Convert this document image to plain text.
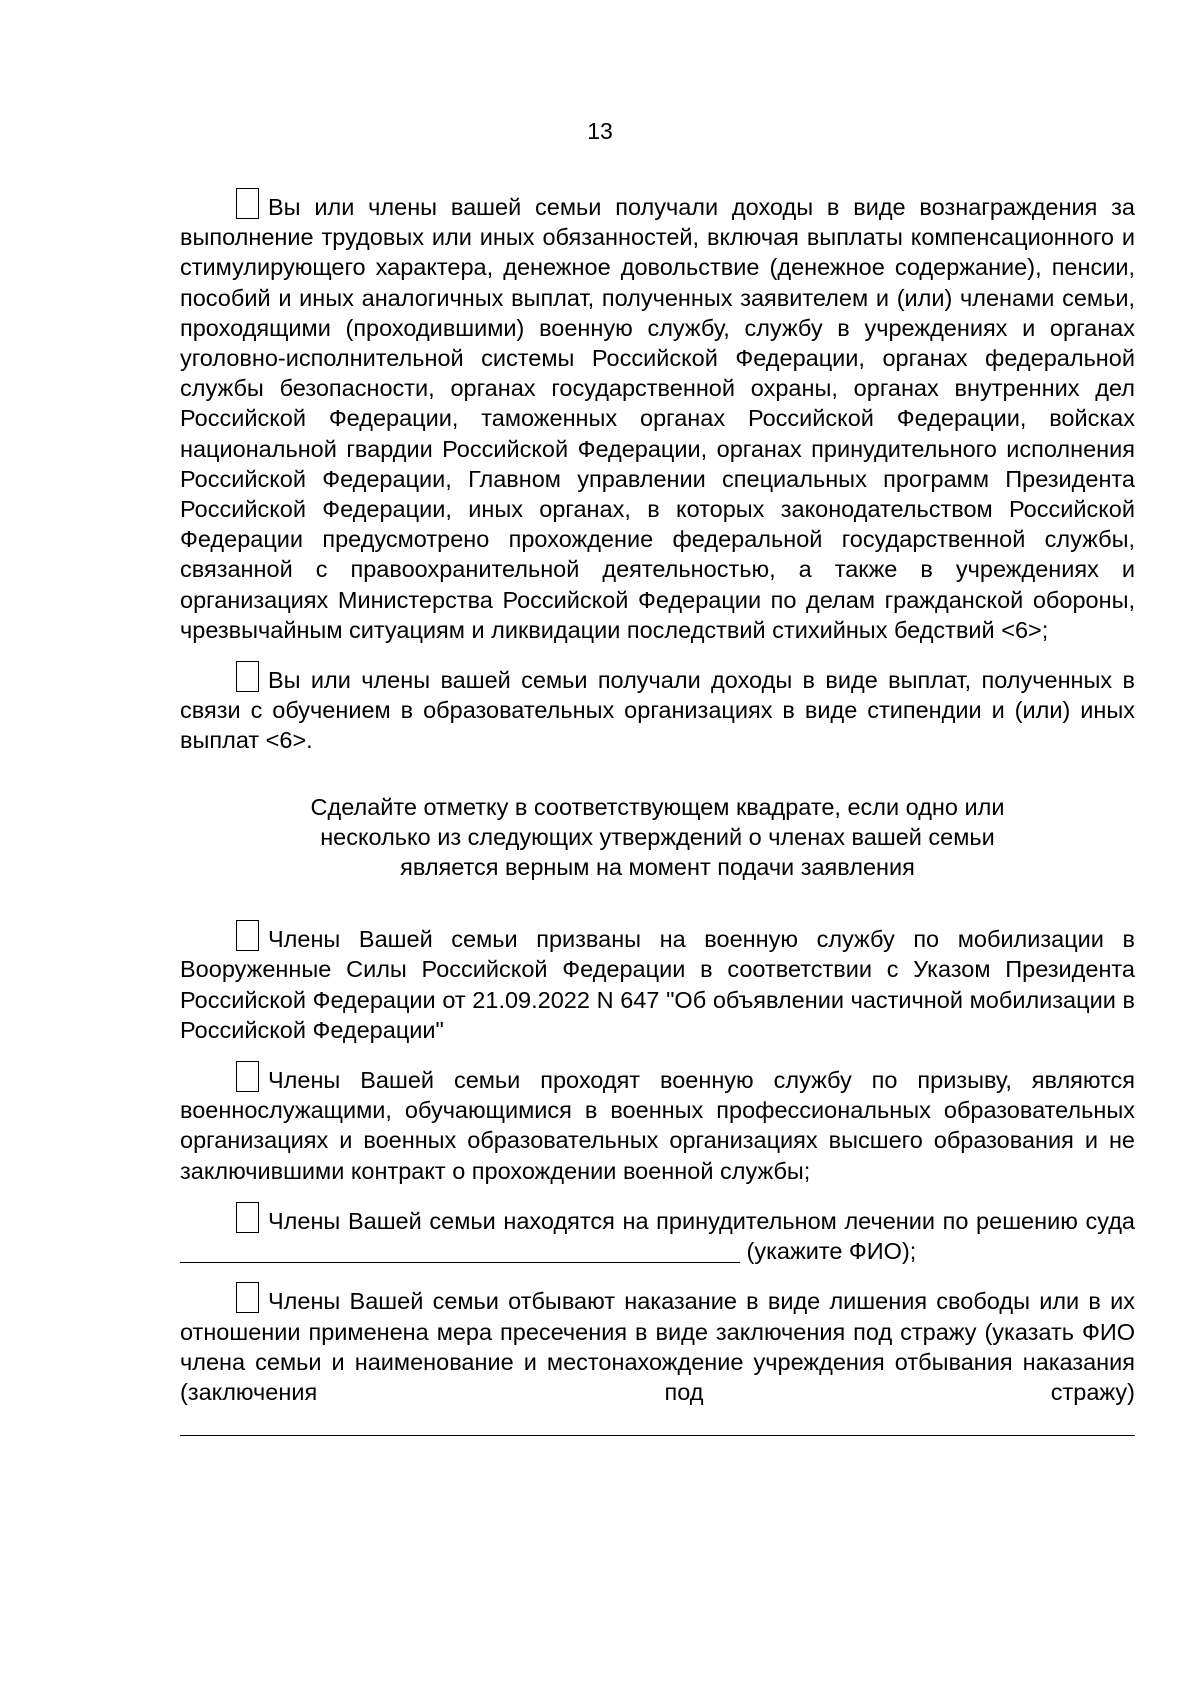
13

Вы или члены вашей семьи получали доходы в виде вознаграждения за выполнение трудовых или иных обязанностей, включая выплаты компенсационного и стимулирующего характера, денежное довольствие (денежное содержание), пенсии, пособий и иных аналогичных выплат, полученных заявителем и (или) членами семьи, проходящими (проходившими) военную службу, службу в учреждениях и органах уголовно-исполнительной системы Российской Федерации, органах федеральной службы безопасности, органах государственной охраны, органах внутренних дел Российской Федерации, таможенных органах Российской Федерации, войсках национальной гвардии Российской Федерации, органах принудительного исполнения Российской Федерации, Главном управлении специальных программ Президента Российской Федерации, иных органах, в которых законодательством Российской Федерации предусмотрено прохождение федеральной государственной службы, связанной с правоохранительной деятельностью, а также в учреждениях и организациях Министерства Российской Федерации по делам гражданской обороны, чрезвычайным ситуациям и ликвидации последствий стихийных бедствий <6>;

Вы или члены вашей семьи получали доходы в виде выплат, полученных в связи с обучением в образовательных организациях в виде стипендии и (или) иных выплат <6>.

Сделайте отметку в соответствующем квадрате, если одно или
несколько из следующих утверждений о членах вашей семьи
является верным на момент подачи заявления

Члены Вашей семьи призваны на военную службу по мобилизации в Вооруженные Силы Российской Федерации в соответствии с Указом Президента Российской Федерации от 21.09.2022 N 647 "Об объявлении частичной мобилизации в Российской Федерации"

Члены Вашей семьи проходят военную службу по призыву, являются военнослужащими, обучающимися в военных профессиональных образовательных организациях и военных образовательных организациях высшего образования и не заключившими контракт о прохождении военной службы;

Члены Вашей семьи находятся на принудительном лечении по решению суда  (укажите ФИО);

Члены Вашей семьи отбывают наказание в виде лишения свободы или в их отношении применена мера пресечения в виде заключения под стражу (указать ФИО члена семьи и наименование и местонахождение учреждения отбывания наказания (заключения под стражу)
